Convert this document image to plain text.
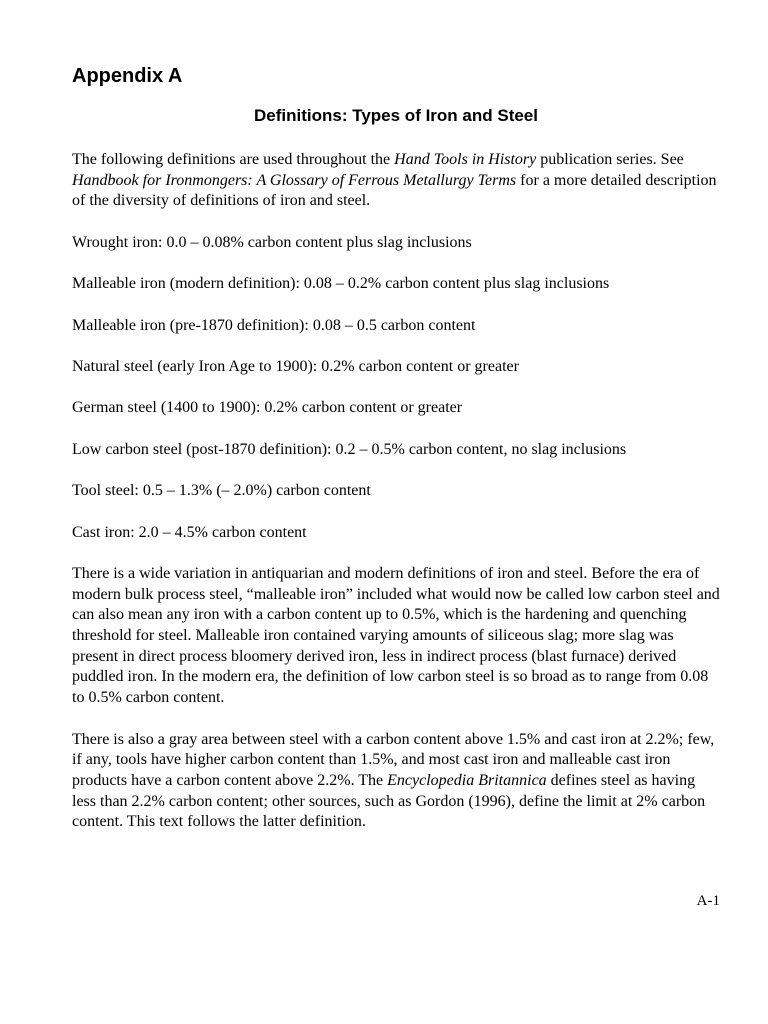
Appendix A
Definitions: Types of Iron and Steel

The following definitions are used throughout the Hand Tools in History publication series. See Handbook for Ironmongers: A Glossary of Ferrous Metallurgy Terms for a more detailed description of the diversity of definitions of iron and steel.

Wrought iron: 0.0 – 0.08% carbon content plus slag inclusions

Malleable iron (modern definition): 0.08 – 0.2% carbon content plus slag inclusions

Malleable iron (pre-1870 definition): 0.08 – 0.5 carbon content

Natural steel (early Iron Age to 1900): 0.2% carbon content or greater

German steel (1400 to 1900): 0.2% carbon content or greater

Low carbon steel (post-1870 definition): 0.2 – 0.5% carbon content, no slag inclusions

Tool steel: 0.5 – 1.3% (– 2.0%) carbon content

Cast iron: 2.0 – 4.5% carbon content

There is a wide variation in antiquarian and modern definitions of iron and steel. Before the era of modern bulk process steel, “malleable iron” included what would now be called low carbon steel and can also mean any iron with a carbon content up to 0.5%, which is the hardening and quenching threshold for steel. Malleable iron contained varying amounts of siliceous slag; more slag was present in direct process bloomery derived iron, less in indirect process (blast furnace) derived puddled iron. In the modern era, the definition of low carbon steel is so broad as to range from 0.08 to 0.5% carbon content.

There is also a gray area between steel with a carbon content above 1.5% and cast iron at 2.2%; few, if any, tools have higher carbon content than 1.5%, and most cast iron and malleable cast iron products have a carbon content above 2.2%. The Encyclopedia Britannica defines steel as having less than 2.2% carbon content; other sources, such as Gordon (1996), define the limit at 2% carbon content. This text follows the latter definition.

A-1
